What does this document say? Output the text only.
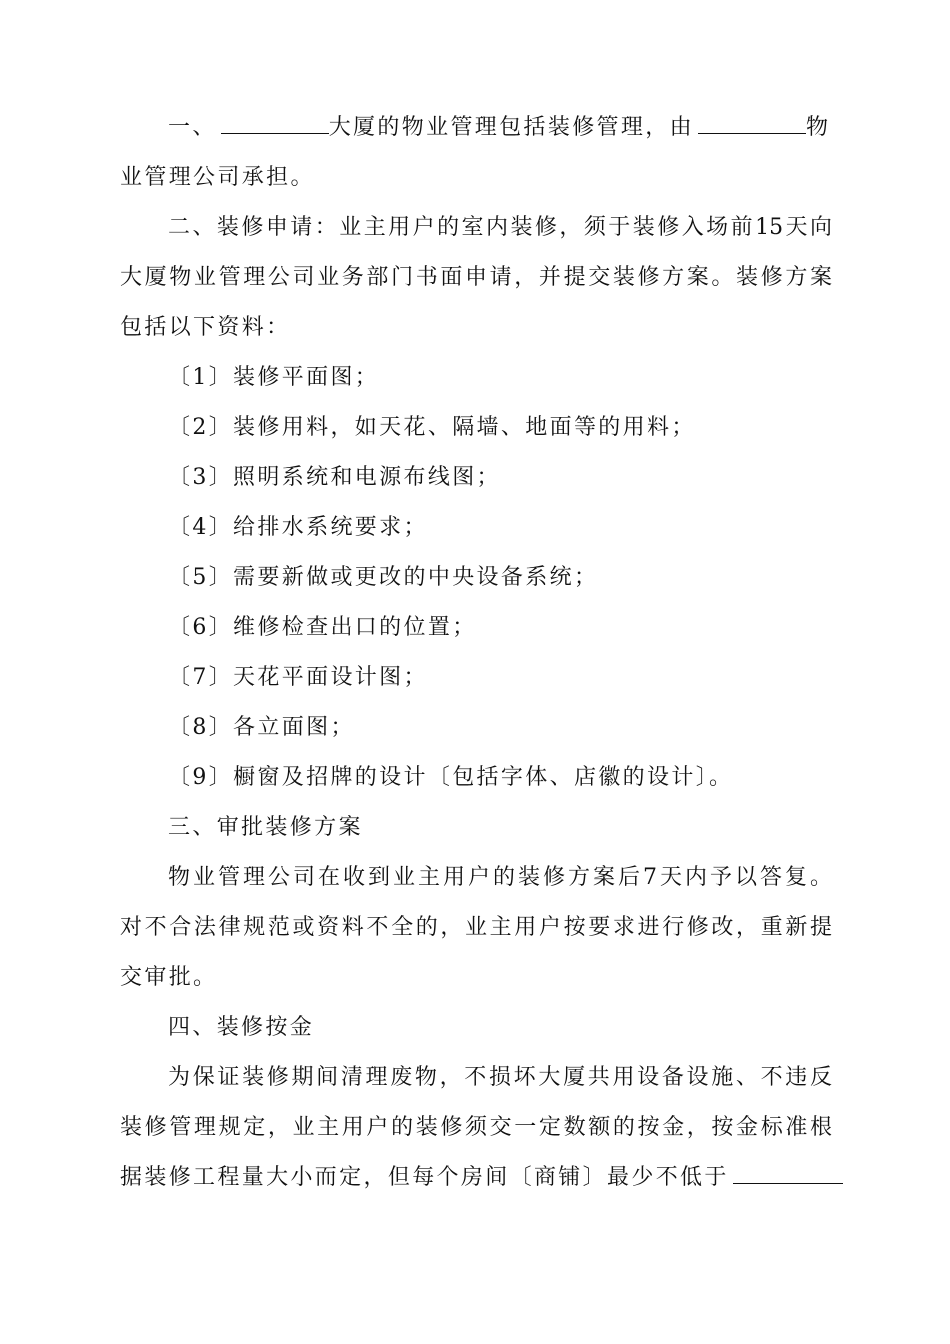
一、	大厦的物业管理包括装修管理，由	物
业管理公司承担。
二、装修申请：业主用户的室内装修，须于装修入场前15天向
大厦物业管理公司业务部门书面申请，并提交装修方案。装修方案
包括以下资料：
〔1〕装修平面图；
〔2〕装修用料，如天花、隔墙、地面等的用料；
〔3〕照明系统和电源布线图；
〔4〕给排水系统要求；
〔5〕需要新做或更改的中央设备系统；
〔6〕维修检查出口的位置；
〔7〕天花平面设计图；
〔8〕各立面图；
〔9〕橱窗及招牌的设计〔包括字体、店徽的设计〕。
三、审批装修方案
物业管理公司在收到业主用户的装修方案后7天内予以答复。
对不合法律规范或资料不全的，业主用户按要求进行修改，重新提
交审批。
四、装修按金
为保证装修期间清理废物，不损坏大厦共用设备设施、不违反
装修管理规定，业主用户的装修须交一定数额的按金，按金标准根
据装修工程量大小而定，但每个房间〔商铺〕最少不低于
